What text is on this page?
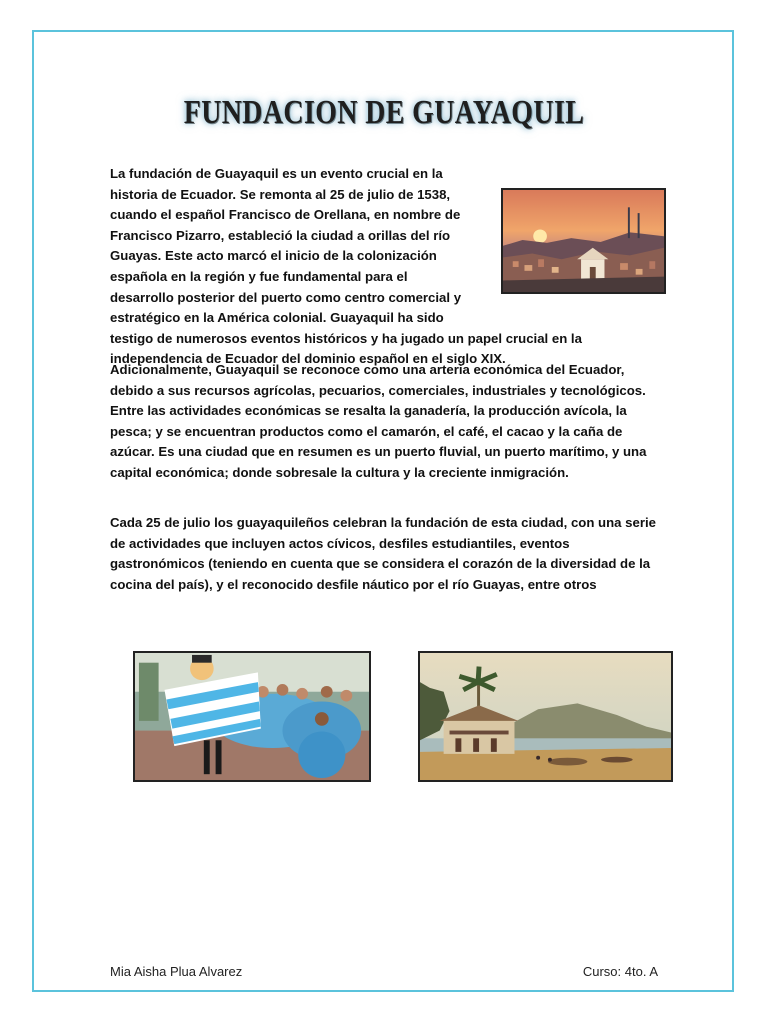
FUNDACION DE GUAYAQUIL

La fundación de Guayaquil es un evento crucial en la historia de Ecuador. Se remonta al 25 de julio de 1538, cuando el español Francisco de Orellana, en nombre de Francisco Pizarro, estableció la ciudad a orillas del río Guayas. Este acto marcó el inicio de la colonización española en la región y fue fundamental para el desarrollo posterior del puerto como centro comercial y estratégico en la América colonial. Guayaquil ha sido testigo de numerosos eventos históricos y ha jugado un papel crucial en la independencia de Ecuador del dominio español en el siglo XIX.

Adicionalmente, Guayaquil se reconoce como una arteria económica del Ecuador, debido a sus recursos agrícolas, pecuarios, comerciales, industriales y tecnológicos. Entre las actividades económicas se resalta la ganadería, la producción avícola, la pesca; y se encuentran productos como el camarón, el café, el cacao y la caña de azúcar. Es una ciudad que en resumen es un puerto fluvial, un puerto marítimo, y una capital económica; donde sobresale la cultura y la creciente inmigración.

Cada 25 de julio los guayaquileños celebran la fundación de esta ciudad, con una serie de actividades que incluyen actos cívicos, desfiles estudiantiles, eventos gastronómicos (teniendo en cuenta que se considera el corazón de la diversidad de la cocina del país), y el reconocido desfile náutico por el río Guayas, entre otros

Mia Aisha Plua Alvarez	Curso: 4to. A
